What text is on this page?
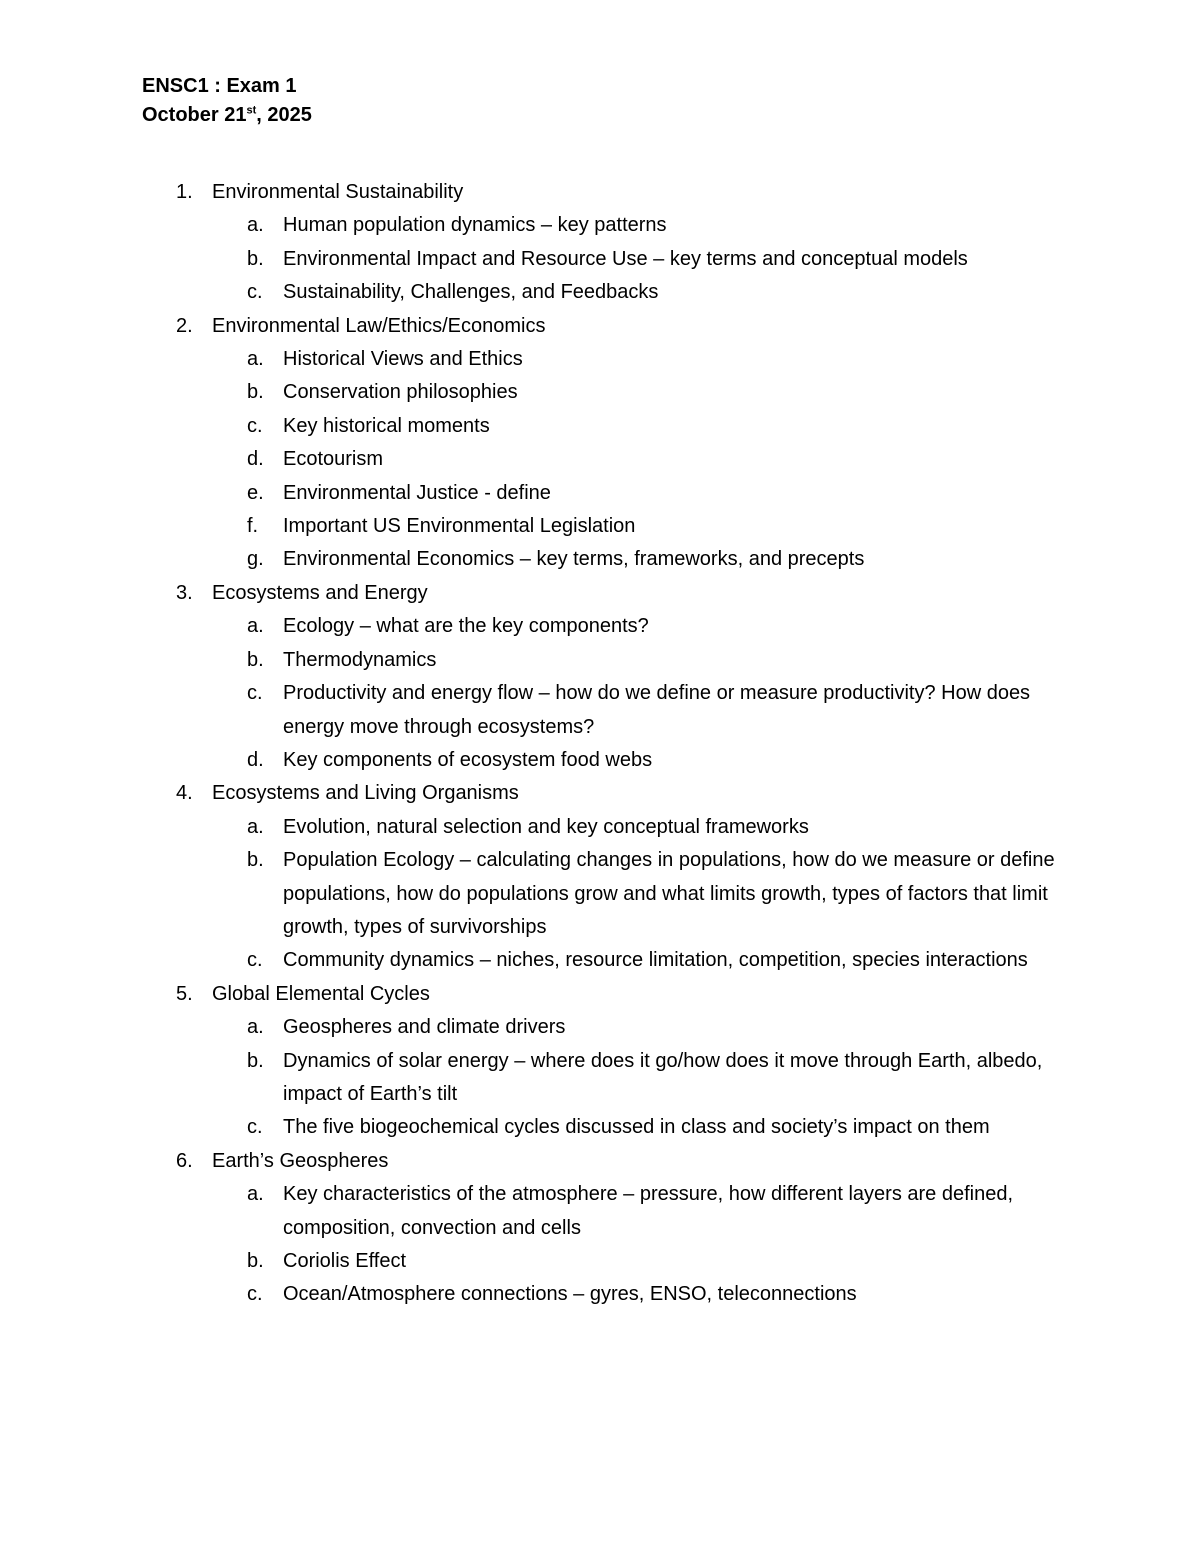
ENSC1 : Exam 1
October 21st, 2025
1. Environmental Sustainability
a. Human population dynamics – key patterns
b. Environmental Impact and Resource Use – key terms and conceptual models
c. Sustainability, Challenges, and Feedbacks
2. Environmental Law/Ethics/Economics
a. Historical Views and Ethics
b. Conservation philosophies
c. Key historical moments
d. Ecotourism
e. Environmental Justice - define
f. Important US Environmental Legislation
g. Environmental Economics – key terms, frameworks, and precepts
3. Ecosystems and Energy
a. Ecology – what are the key components?
b. Thermodynamics
c. Productivity and energy flow – how do we define or measure productivity? How does energy move through ecosystems?
d. Key components of ecosystem food webs
4. Ecosystems and Living Organisms
a. Evolution, natural selection and key conceptual frameworks
b. Population Ecology – calculating changes in populations, how do we measure or define populations, how do populations grow and what limits growth, types of factors that limit growth, types of survivorships
c. Community dynamics – niches, resource limitation, competition, species interactions
5. Global Elemental Cycles
a. Geospheres and climate drivers
b. Dynamics of solar energy – where does it go/how does it move through Earth, albedo, impact of Earth’s tilt
c. The five biogeochemical cycles discussed in class and society’s impact on them
6. Earth’s Geospheres
a. Key characteristics of the atmosphere – pressure, how different layers are defined, composition, convection and cells
b. Coriolis Effect
c. Ocean/Atmosphere connections – gyres, ENSO, teleconnections
